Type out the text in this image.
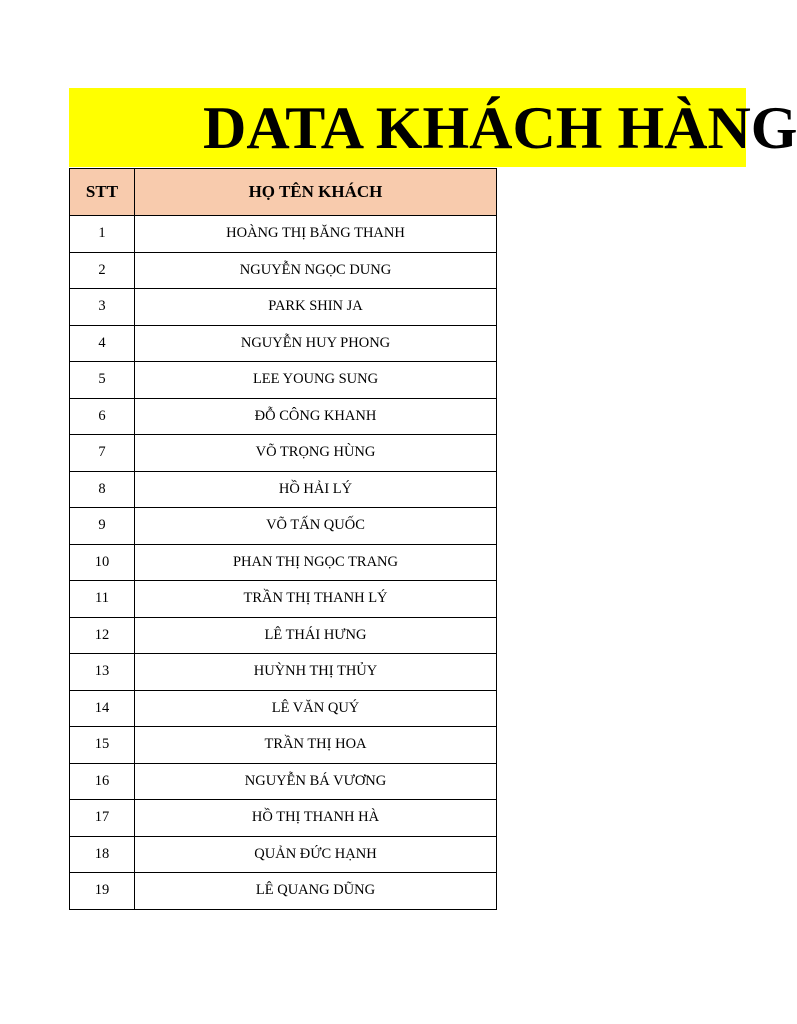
DATA KHÁCH HÀNG
STT	HỌ TÊN KHÁCH
1	HOÀNG THỊ BĂNG THANH
2	NGUYỄN NGỌC DUNG
3	PARK SHIN JA
4	NGUYỄN HUY PHONG
5	LEE YOUNG SUNG
6	ĐỖ CÔNG KHANH
7	VÕ TRỌNG HÙNG
8	HỒ HẢI LÝ
9	VÕ TẤN QUỐC
10	PHAN THỊ NGỌC TRANG
11	TRẦN THỊ THANH LÝ
12	LÊ THÁI HƯNG
13	HUỲNH THỊ THỦY
14	LÊ VĂN QUÝ
15	TRẦN THỊ HOA
16	NGUYỄN BÁ VƯƠNG
17	HỒ THỊ THANH HÀ
18	QUẢN ĐỨC HẠNH
19	LÊ QUANG DŨNG
